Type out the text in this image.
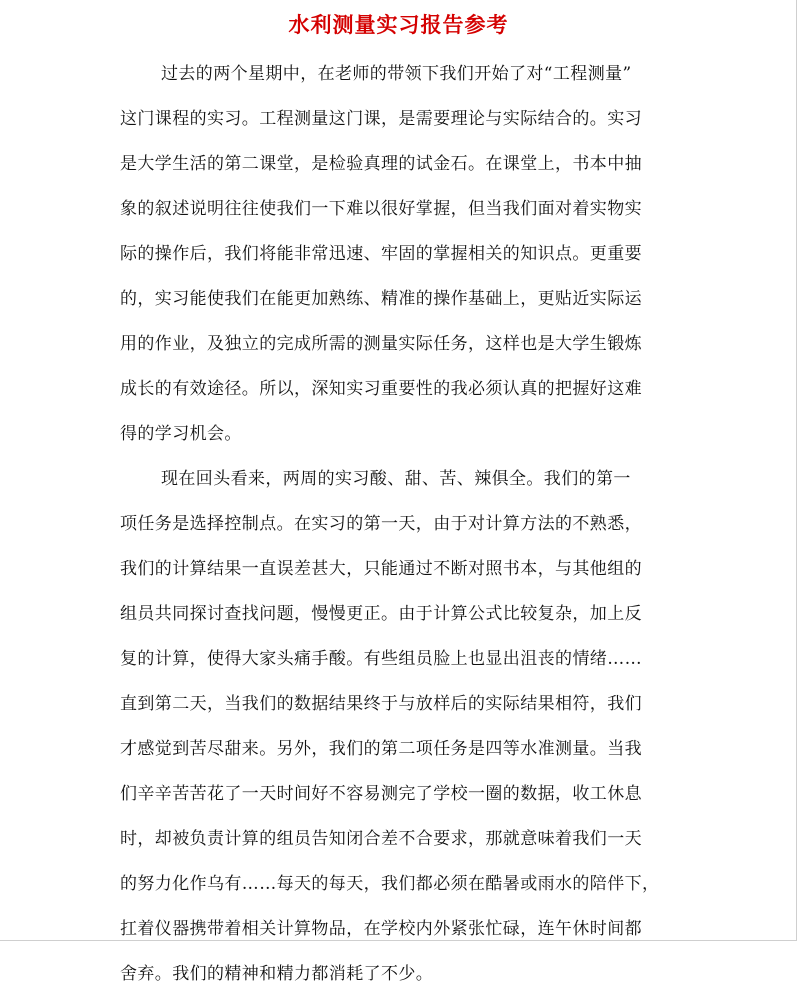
水利测量实习报告参考
过去的两个星期中，在老师的带领下我们开始了对“工程测量”
这门课程的实习。工程测量这门课，是需要理论与实际结合的。实习
是大学生活的第二课堂，是检验真理的试金石。在课堂上，书本中抽
象的叙述说明往往使我们一下难以很好掌握，但当我们面对着实物实
际的操作后，我们将能非常迅速、牢固的掌握相关的知识点。更重要
的，实习能使我们在能更加熟练、精准的操作基础上，更贴近实际运
用的作业，及独立的完成所需的测量实际任务，这样也是大学生锻炼
成长的有效途径。所以，深知实习重要性的我必须认真的把握好这难
得的学习机会。
现在回头看来，两周的实习酸、甜、苦、辣俱全。我们的第一
项任务是选择控制点。在实习的第一天，由于对计算方法的不熟悉，
我们的计算结果一直误差甚大，只能通过不断对照书本，与其他组的
组员共同探讨查找问题，慢慢更正。由于计算公式比较复杂，加上反
复的计算，使得大家头痛手酸。有些组员脸上也显出沮丧的情绪……
直到第二天，当我们的数据结果终于与放样后的实际结果相符，我们
才感觉到苦尽甜来。另外，我们的第二项任务是四等水准测量。当我
们辛辛苦苦花了一天时间好不容易测完了学校一圈的数据，收工休息
时，却被负责计算的组员告知闭合差不合要求，那就意味着我们一天
的努力化作乌有……每天的每天，我们都必须在酷暑或雨水的陪伴下，
扛着仪器携带着相关计算物品，在学校内外紧张忙碌，连午休时间都
舍弃。我们的精神和精力都消耗了不少。
